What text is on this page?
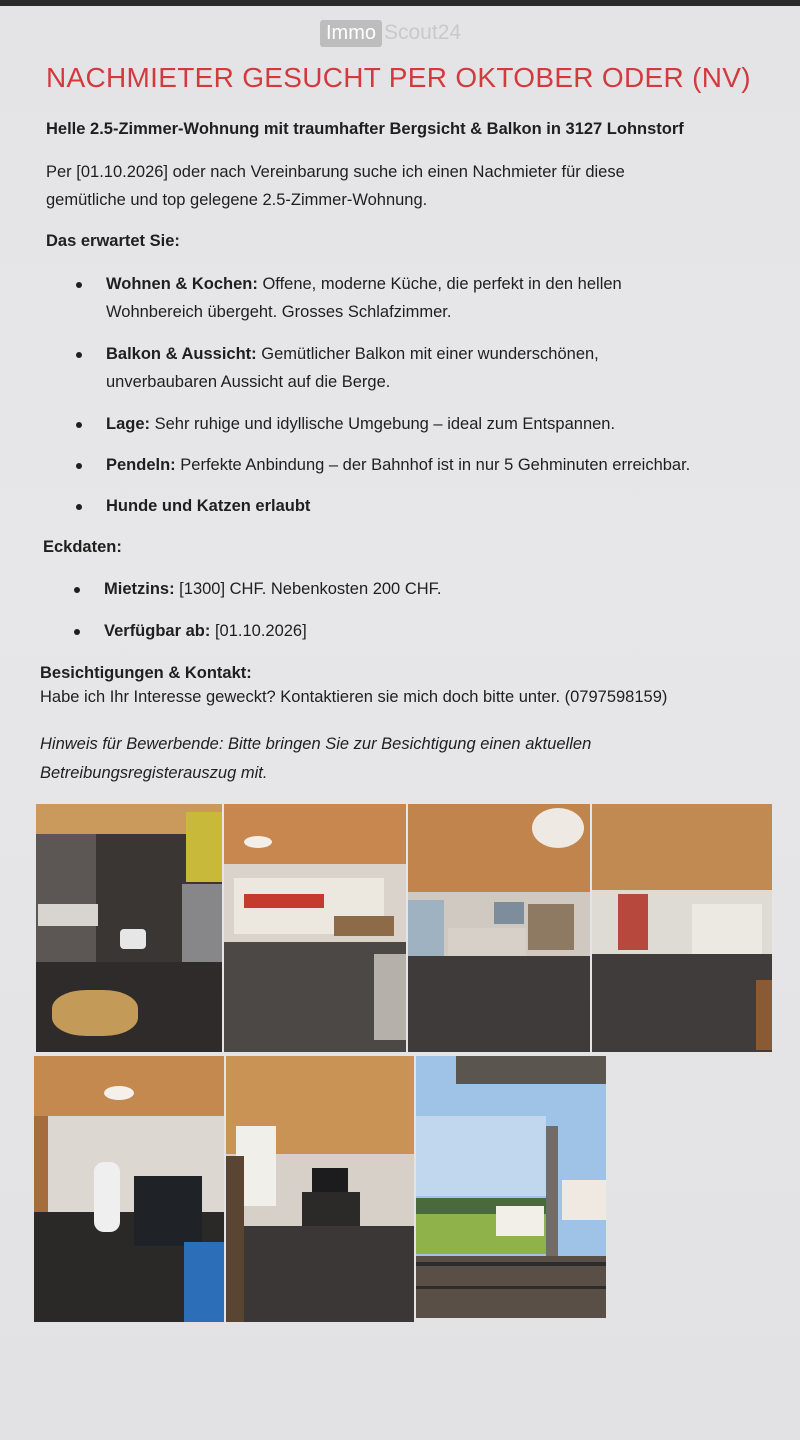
Immo Scout24
NACHMIETER GESUCHT PER OKTOBER ODER (NV)
Helle 2.5-Zimmer-Wohnung mit traumhafter Bergsicht & Balkon in 3127 Lohnstorf
Per [01.10.2026] oder nach Vereinbarung suche ich einen Nachmieter für diese
gemütliche und top gelegene 2.5-Zimmer-Wohnung.
Das erwartet Sie:
Wohnen & Kochen: Offene, moderne Küche, die perfekt in den hellen
Wohnbereich übergeht. Grosses Schlafzimmer.
Balkon & Aussicht: Gemütlicher Balkon mit einer wunderschönen,
unverbaubaren Aussicht auf die Berge.
Lage: Sehr ruhige und idyllische Umgebung – ideal zum Entspannen.
Pendeln: Perfekte Anbindung – der Bahnhof ist in nur 5 Gehminuten erreichbar.
Hunde und Katzen erlaubt
Eckdaten:
Mietzins: [1300] CHF. Nebenkosten 200 CHF.
Verfügbar ab: [01.10.2026]
Besichtigungen & Kontakt:
Habe ich Ihr Interesse geweckt? Kontaktieren sie mich doch bitte unter. (0797598159)
Hinweis für Bewerbende: Bitte bringen Sie zur Besichtigung einen aktuellen
Betreibungsregisterauszug mit.
